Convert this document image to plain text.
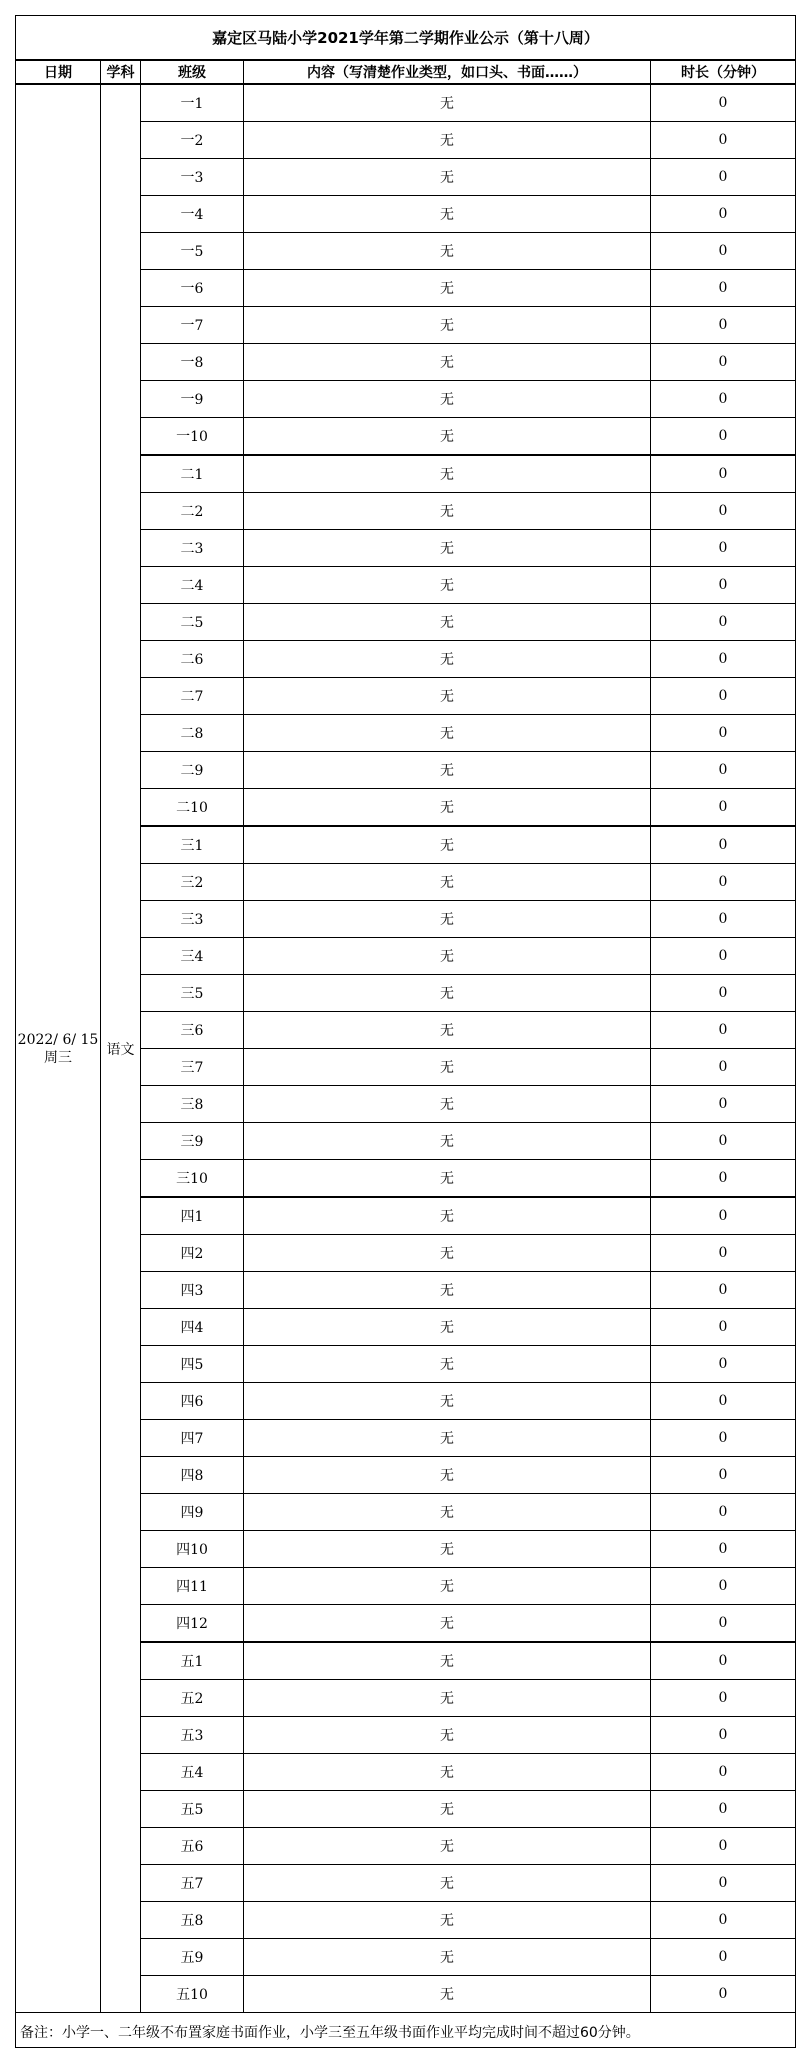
嘉定区马陆小学2021学年第二学期作业公示（第十八周）				
日期	学科	班级	内容（写清楚作业类型，如口头、书面……）	时长（分钟）

2022/ 6/ 15
周三	语文	一1	无	0
		一2	无	0
		一3	无	0
		一4	无	0
		一5	无	0
		一6	无	0
		一7	无	0
		一8	无	0
		一9	无	0
		一10	无	0
		二1	无	0
		二2	无	0
		二3	无	0
		二4	无	0
		二5	无	0
		二6	无	0
		二7	无	0
		二8	无	0
		二9	无	0
		二10	无	0
		三1	无	0
		三2	无	0
		三3	无	0
		三4	无	0
		三5	无	0
		三6	无	0
		三7	无	0
		三8	无	0
		三9	无	0
		三10	无	0
		四1	无	0
		四2	无	0
		四3	无	0
		四4	无	0
		四5	无	0
		四6	无	0
		四7	无	0
		四8	无	0
		四9	无	0
		四10	无	0
		四11	无	0
		四12	无	0
		五1	无	0
		五2	无	0
		五3	无	0
		五4	无	0
		五5	无	0
		五6	无	0
		五7	无	0
		五8	无	0
		五9	无	0
		五10	无	0
备注：小学一、二年级不布置家庭书面作业，小学三至五年级书面作业平均完成时间不超过60分钟。				
